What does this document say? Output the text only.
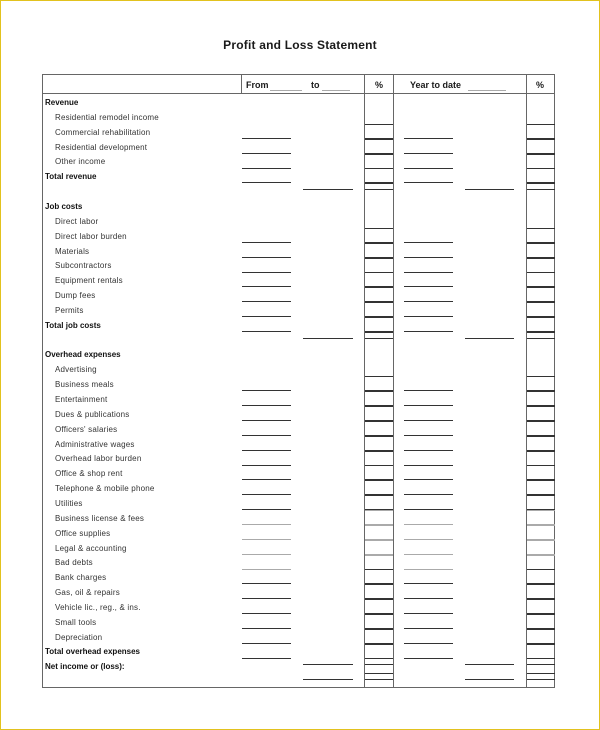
Profit and Loss Statement
From	to	%	Year to date	%
Revenue
Residential remodel income
Commercial rehabilitation
Residential development
Other income
Total revenue
Job costs
Direct labor
Direct labor burden
Materials
Subcontractors
Equipment rentals
Dump fees
Permits
Total job costs
Overhead expenses
Advertising
Business meals
Entertainment
Dues & publications
Officers' salaries
Administrative wages
Overhead labor burden
Office & shop rent
Telephone & mobile phone
Utilities
Business license & fees
Office supplies
Legal & accounting
Bad debts
Bank charges
Gas, oil & repairs
Vehicle lic., reg., & ins.
Small tools
Depreciation
Total overhead expenses
Net income or (loss):
